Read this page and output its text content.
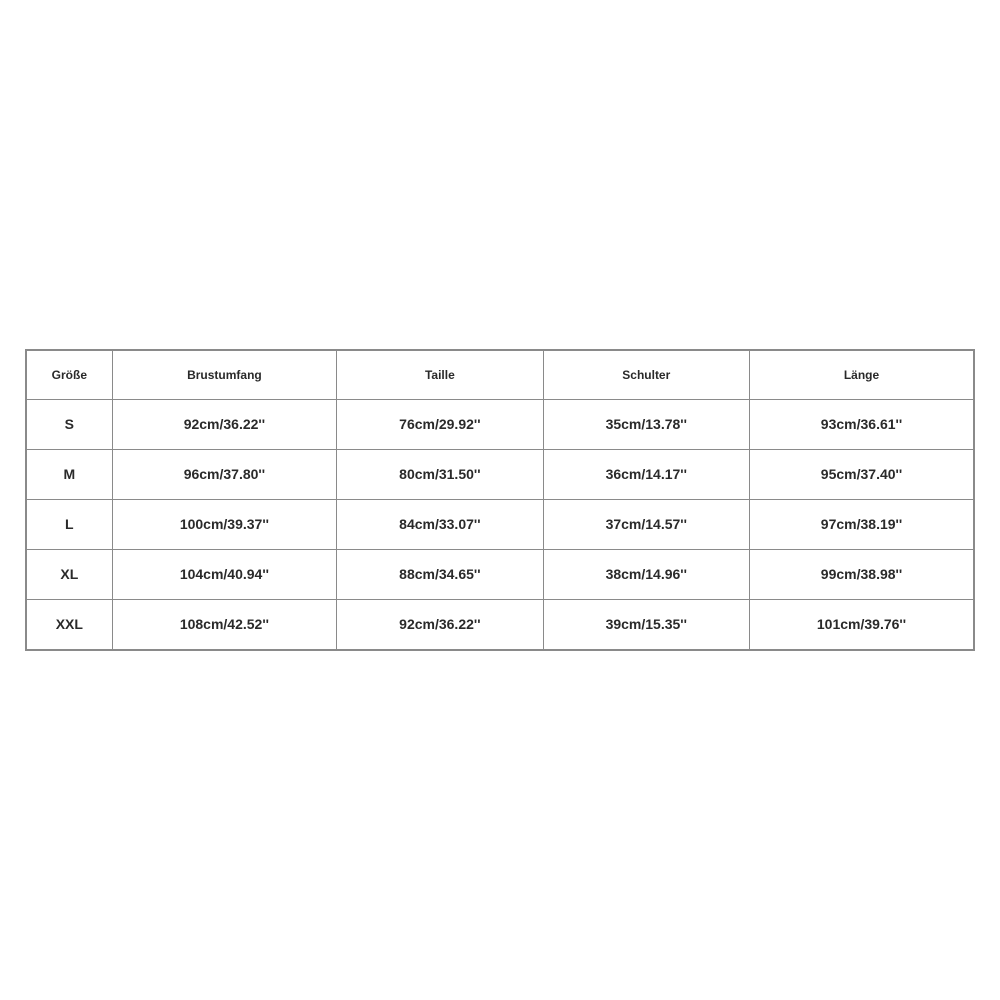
Größe	Brustumfang	Taille	Schulter	Länge
S	92cm/36.22''	76cm/29.92''	35cm/13.78''	93cm/36.61''
M	96cm/37.80''	80cm/31.50''	36cm/14.17''	95cm/37.40''
L	100cm/39.37''	84cm/33.07''	37cm/14.57''	97cm/38.19''
XL	104cm/40.94''	88cm/34.65''	38cm/14.96''	99cm/38.98''
XXL	108cm/42.52''	92cm/36.22''	39cm/15.35''	101cm/39.76''
